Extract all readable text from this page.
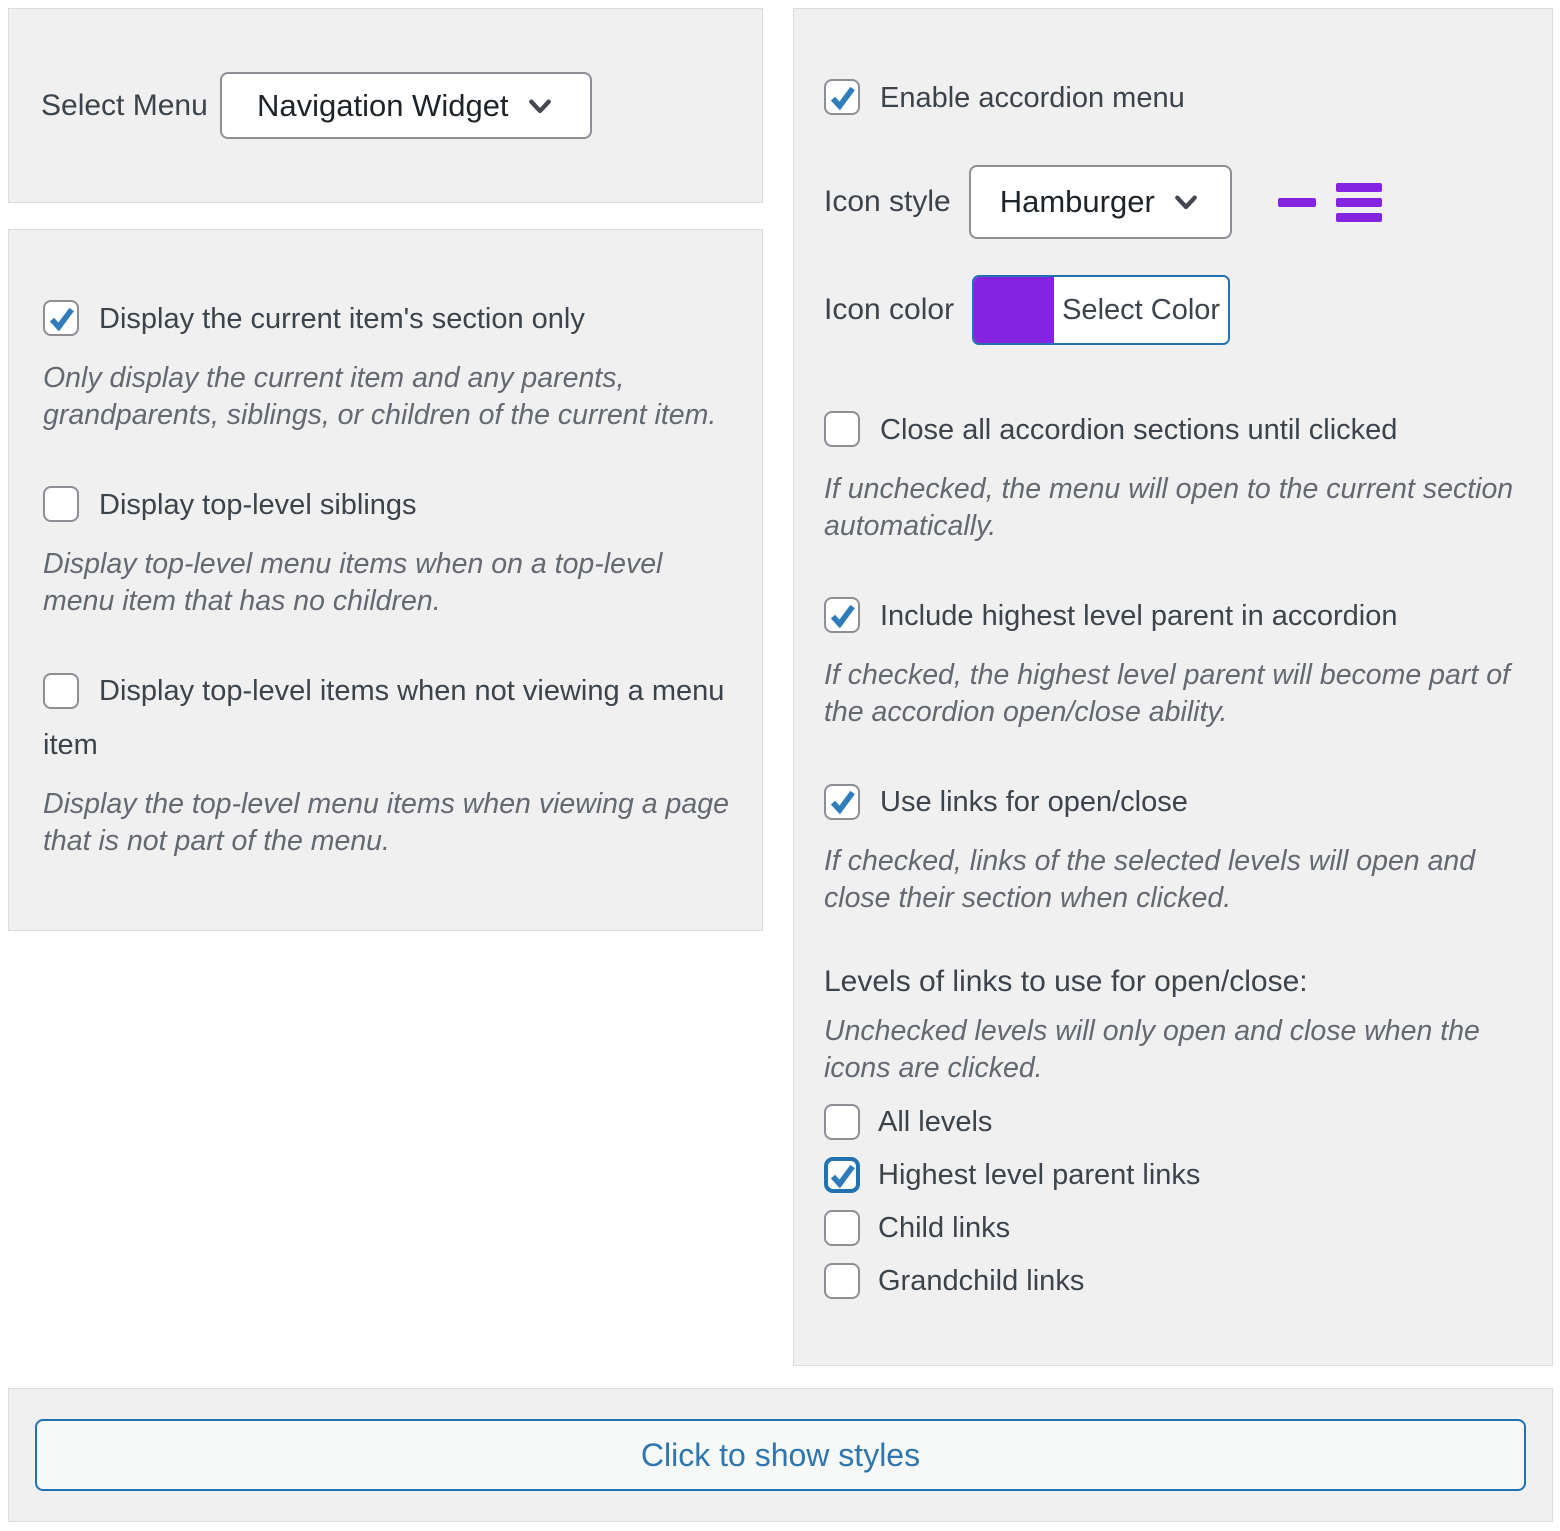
Select Menu Navigation Widget
Display the current item's section only

Only display the current item and any parents, grandparents, siblings, or children of the current item.

Display top-level siblings

Display top-level menu items when on a top-level menu item that has no children.

Display top-level items when not viewing a menu item

Display the top-level menu items when viewing a page that is not part of the menu.

Enable accordion menu
Icon style Hamburger
Icon color	Select Color
Close all accordion sections until clicked

If unchecked, the menu will open to the current section automatically.

Include highest level parent in accordion

If checked, the highest level parent will become part of the accordion open/close ability.

Use links for open/close

If checked, links of the selected levels will open and close their section when clicked.

Levels of links to use for open/close:

Unchecked levels will only open and close when the icons are clicked.

All levels
Highest level parent links
Child links
Grandchild links
Click to show styles
